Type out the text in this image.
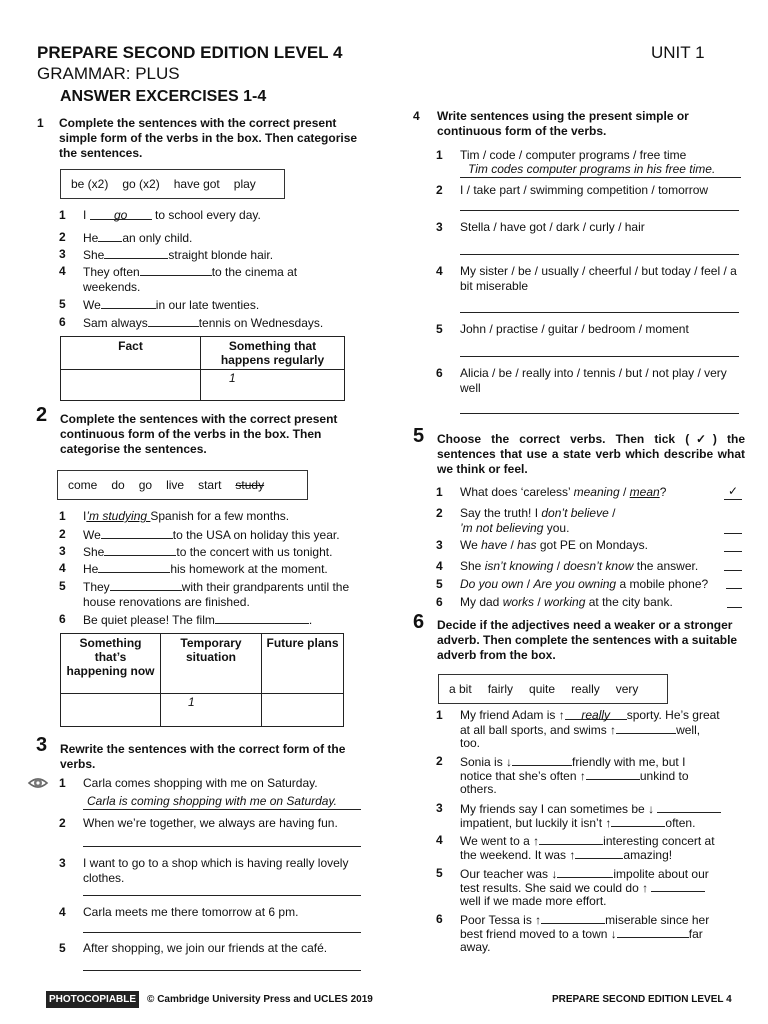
PREPARE SECOND EDITION LEVEL 4
GRAMMAR: PLUS
ANSWER EXCERCISES 1-4
UNIT 1
1 Complete the sentences with the correct present simple form of the verbs in the box. Then categorise the sentences.
be (x2) go (x2) have got play
1 I go to school every day.
2 He an only child.
3 She	straight blonde hair.
4 They often	to the cinema at weekends.
5 We	in our late twenties.
6 Sam always	tennis on Wednesdays.
Fact	Something that happens regularly
	1
2 Complete the sentences with the correct present continuous form of the verbs in the box. Then categorise the sentences.
come do go live start study
1 I’m studying Spanish for a few months.
2 We	to the USA on holiday this year.
3 She	to the concert with us tonight.
4 He	his homework at the moment.
5 They	with their grandparents until the house renovations are finished.
6 Be quiet please! The film	.
Something that’s happening now	Temporary situation	Future plans
	1	
3 Rewrite the sentences with the correct form of the verbs.
1 Carla comes shopping with me on Saturday.
Carla is coming shopping with me on Saturday.
2 When we’re together, we always are having fun.
3 I want to go to a shop which is having really lovely clothes.
4 Carla meets me there tomorrow at 6 pm.
5 After shopping, we join our friends at the café.
4 Write sentences using the present simple or continuous form of the verbs.
1 Tim / code / computer programs / free time
Tim codes computer programs in his free time.
2 I / take part / swimming competition / tomorrow
3 Stella / have got / dark / curly / hair
4 My sister / be / usually / cheerful / but today / feel / a bit miserable
5 John / practise / guitar / bedroom / moment
6 Alicia / be / really into / tennis / but / not play / very well
5 Choose the correct verbs. Then tick (✓) the sentences that use a state verb which describe what we think or feel.
1 What does ‘careless’ meaning / mean?	✓
2 Say the truth! I don’t believe /
’m not believing you.
3 We have / has got PE on Mondays.
4 She isn’t knowing / doesn’t know the answer.
5 Do you own / Are you owning a mobile phone?
6 My dad works / working at the city bank.
6 Decide if the adjectives need a weaker or a stronger adverb. Then complete the sentences with a suitable adverb from the box.
a bit fairly quite really very
1 My friend Adam is ↑ really sporty. He’s great
at all ball sports, and swims ↑	well,
too.
2 Sonia is ↓	friendly with me, but I
notice that she’s often ↑	unkind to
others.
3 My friends say I can sometimes be ↓
impatient, but luckily it isn’t ↑	often.
4 We went to a ↑	interesting concert at
the weekend. It was ↑	amazing!
5 Our teacher was ↓	impolite about our
test results. She said we could do ↑
well if we made more effort.
6 Poor Tessa is ↑	miserable since her
best friend moved to a town ↓	far
away.
PHOTOCOPIABLE	© Cambridge University Press and UCLES 2019	PREPARE SECOND EDITION LEVEL 4
